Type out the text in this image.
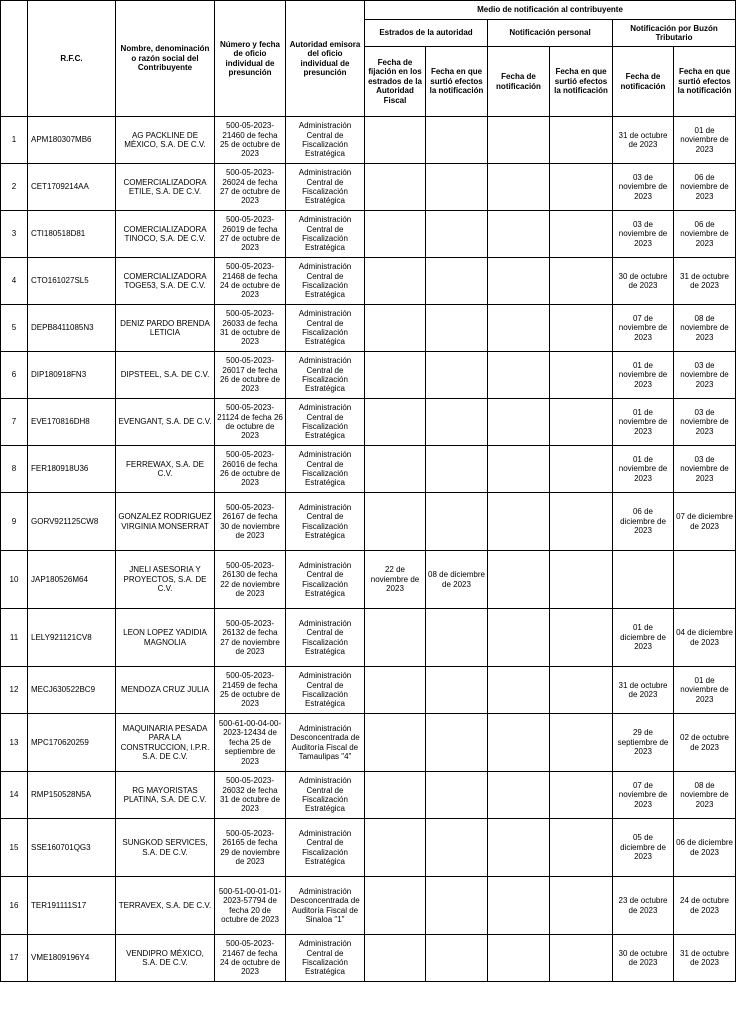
	R.F.C.	Nombre, denominación o razón social del Contribuyente	Número y fecha de oficio individual de presunción	Autoridad emisora del oficio individual de presunción	Medio de notificación al contribuyente					
					Estrados de la autoridad		Notificación personal		Notificación por Buzón Tributario	
					Fecha de fijación en los estrados de la Autoridad Fiscal	Fecha en que surtió efectos la notificación	Fecha de notificación	Fecha en que surtió efectos la notificación	Fecha de notificación	Fecha en que surtió efectos la notificación
1	APM180307MB6	AG PACKLINE DE MÉXICO, S.A. DE C.V.	500-05-2023-21460 de fecha 25 de octubre de 2023	Administración Central de Fiscalización Estratégica					31 de octubre de 2023	01 de noviembre de 2023
2	CET1709214AA	COMERCIALIZADORA ETILE, S.A. DE C.V.	500-05-2023-26024 de fecha 27 de octubre de 2023	Administración Central de Fiscalización Estratégica					03 de noviembre de 2023	06 de noviembre de 2023
3	CTI180518D81	COMERCIALIZADORA TINOCO, S.A. DE C.V.	500-05-2023-26019 de fecha 27 de octubre de 2023	Administración Central de Fiscalización Estratégica					03 de noviembre de 2023	06 de noviembre de 2023
4	CTO161027SL5	COMERCIALIZADORA TOGE53, S.A. DE C.V.	500-05-2023-21468 de fecha 24 de octubre de 2023	Administración Central de Fiscalización Estratégica					30 de octubre de 2023	31 de octubre de 2023
5	DEPB8411085N3	DENIZ PARDO BRENDA LETICIA	500-05-2023-26033 de fecha 31 de octubre de 2023	Administración Central de Fiscalización Estratégica					07 de noviembre de 2023	08 de noviembre de 2023
6	DIP180918FN3	DIPSTEEL, S.A. DE C.V.	500-05-2023-26017 de fecha 26 de octubre de 2023	Administración Central de Fiscalización Estratégica					01 de noviembre de 2023	03 de noviembre de 2023
7	EVE170816DH8	EVENGANT, S.A. DE C.V.	500-05-2023-21124 de fecha 26 de octubre de 2023	Administración Central de Fiscalización Estratégica					01 de noviembre de 2023	03 de noviembre de 2023
8	FER180918U36	FERREWAX, S.A. DE C.V.	500-05-2023-26016 de fecha 26 de octubre de 2023	Administración Central de Fiscalización Estratégica					01 de noviembre de 2023	03 de noviembre de 2023
9	GORV921125CW8	GONZALEZ RODRIGUEZ VIRGINIA MONSERRAT	500-05-2023-26167 de fecha 30 de noviembre de 2023	Administración Central de Fiscalización Estratégica					06 de diciembre de 2023	07 de diciembre de 2023
10	JAP180526M64	JNELI ASESORIA Y PROYECTOS, S.A. DE C.V.	500-05-2023-26130 de fecha 22 de noviembre de 2023	Administración Central de Fiscalización Estratégica	22 de noviembre de 2023	08 de diciembre de 2023				
11	LELY921121CV8	LEON LOPEZ YADIDIA MAGNOLIA	500-05-2023-26132 de fecha 27 de noviembre de 2023	Administración Central de Fiscalización Estratégica					01 de diciembre de 2023	04 de diciembre de 2023
12	MECJ630522BC9	MENDOZA CRUZ JULIA	500-05-2023-21459 de fecha 25 de octubre de 2023	Administración Central de Fiscalización Estratégica					31 de octubre de 2023	01 de noviembre de 2023
13	MPC170620259	MAQUINARIA PESADA PARA LA CONSTRUCCION, I.P.R. S.A. DE C.V.	500-61-00-04-00-2023-12434 de fecha 25 de septiembre de 2023	Administración Desconcentrada de Auditoría Fiscal de Tamaulipas "4"					29 de septiembre de 2023	02 de octubre de 2023
14	RMP150528N5A	RG MAYORISTAS PLATINA, S.A. DE C.V.	500-05-2023-26032 de fecha 31 de octubre de 2023	Administración Central de Fiscalización Estratégica					07 de noviembre de 2023	08 de noviembre de 2023
15	SSE160701QG3	SUNGKOD SERVICES, S.A. DE C.V.	500-05-2023-26165 de fecha 29 de noviembre de 2023	Administración Central de Fiscalización Estratégica					05 de diciembre de 2023	06 de diciembre de 2023
16	TER191111S17	TERRAVEX, S.A. DE C.V.	500-51-00-01-01-2023-57794 de fecha 20 de octubre de 2023	Administración Desconcentrada de Auditoría Fiscal de Sinaloa "1"					23 de octubre de 2023	24 de octubre de 2023
17	VME1809196Y4	VENDIPRO MÉXICO, S.A. DE C.V.	500-05-2023-21467 de fecha 24 de octubre de 2023	Administración Central de Fiscalización Estratégica					30 de octubre de 2023	31 de octubre de 2023
